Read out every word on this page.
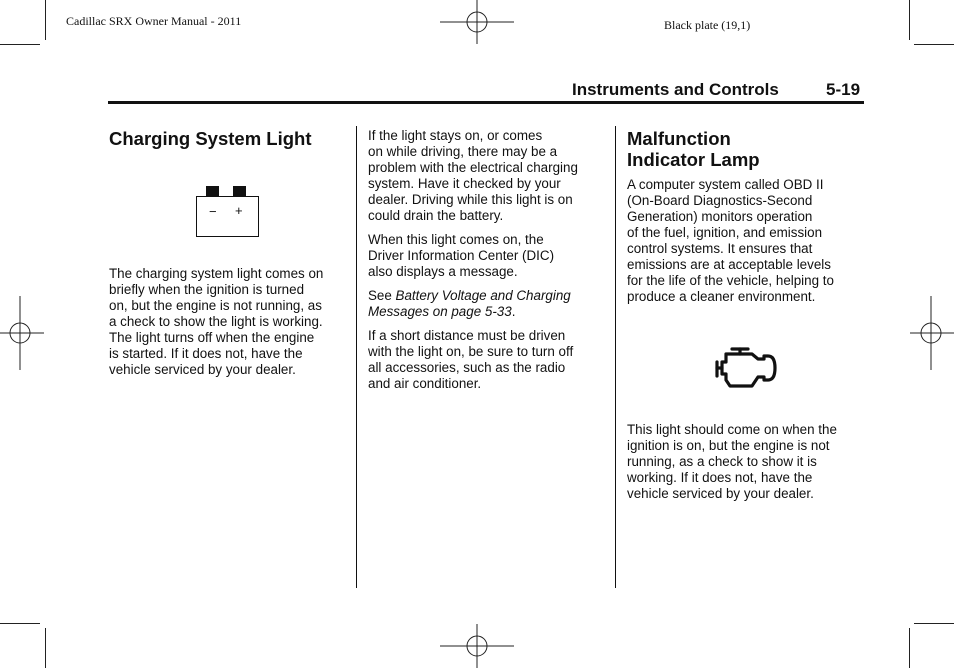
Cadillac SRX Owner Manual - 2011	Black plate (19,1)
Instruments and Controls	5-19
Charging System Light
− +
The charging system light comes on
briefly when the ignition is turned
on, but the engine is not running, as
a check to show the light is working.
The light turns off when the engine
is started. If it does not, have the
vehicle serviced by your dealer.

If the light stays on, or comes
on while driving, there may be a
problem with the electrical charging
system. Have it checked by your
dealer. Driving while this light is on
could drain the battery.

When this light comes on, the
Driver Information Center (DIC)
also displays a message.

See Battery Voltage and Charging
Messages on page 5‑33.

If a short distance must be driven
with the light on, be sure to turn off
all accessories, such as the radio
and air conditioner.

Malfunction
Indicator Lamp
A computer system called OBD II
(On-Board Diagnostics-Second
Generation) monitors operation
of the fuel, ignition, and emission
control systems. It ensures that
emissions are at acceptable levels
for the life of the vehicle, helping to
produce a cleaner environment.
This light should come on when the
ignition is on, but the engine is not
running, as a check to show it is
working. If it does not, have the
vehicle serviced by your dealer.
